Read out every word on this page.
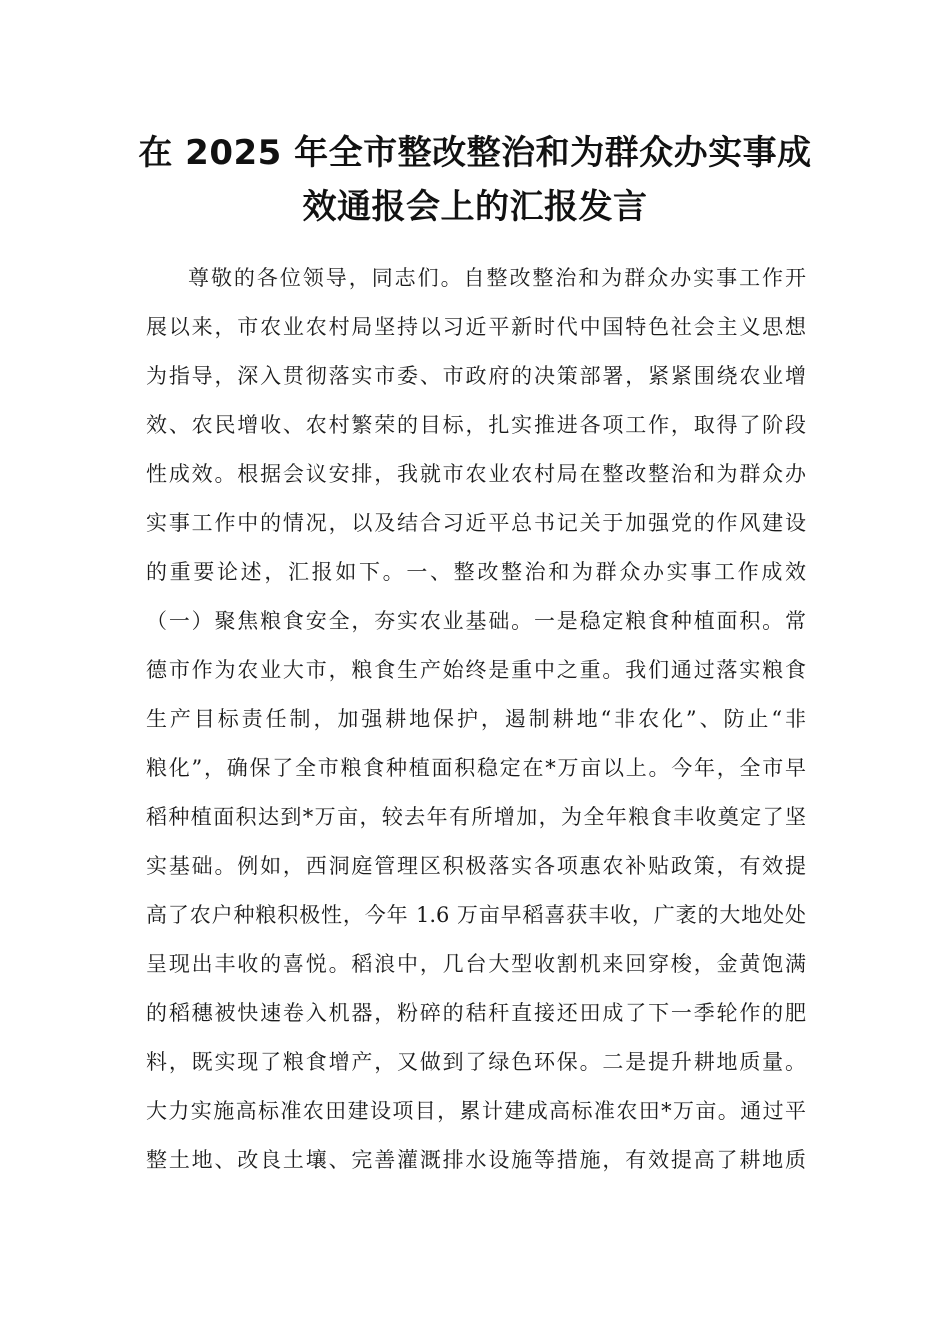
在 2025 年全市整改整治和为群众办实事成
效通报会上的汇报发言
尊敬的各位领导，同志们。自整改整治和为群众办实事工作开
展以来，市农业农村局坚持以习近平新时代中国特色社会主义思想
为指导，深入贯彻落实市委、市政府的决策部署，紧紧围绕农业增
效、农民增收、农村繁荣的目标，扎实推进各项工作，取得了阶段
性成效。根据会议安排，我就市农业农村局在整改整治和为群众办
实事工作中的情况，以及结合习近平总书记关于加强党的作风建设
的重要论述，汇报如下。一、整改整治和为群众办实事工作成效
（一）聚焦粮食安全，夯实农业基础。一是稳定粮食种植面积。常
德市作为农业大市，粮食生产始终是重中之重。我们通过落实粮食
生产目标责任制，加强耕地保护，遏制耕地“非农化”、防止“非
粮化”，确保了全市粮食种植面积稳定在*万亩以上。今年，全市早
稻种植面积达到*万亩，较去年有所增加，为全年粮食丰收奠定了坚
实基础。例如，西洞庭管理区积极落实各项惠农补贴政策，有效提
高了农户种粮积极性，今年 1.6 万亩早稻喜获丰收，广袤的大地处处
呈现出丰收的喜悦。稻浪中，几台大型收割机来回穿梭，金黄饱满
的稻穗被快速卷入机器，粉碎的秸秆直接还田成了下一季轮作的肥
料，既实现了粮食增产，又做到了绿色环保。二是提升耕地质量。
大力实施高标准农田建设项目，累计建成高标准农田*万亩。通过平
整土地、改良土壤、完善灌溉排水设施等措施，有效提高了耕地质
